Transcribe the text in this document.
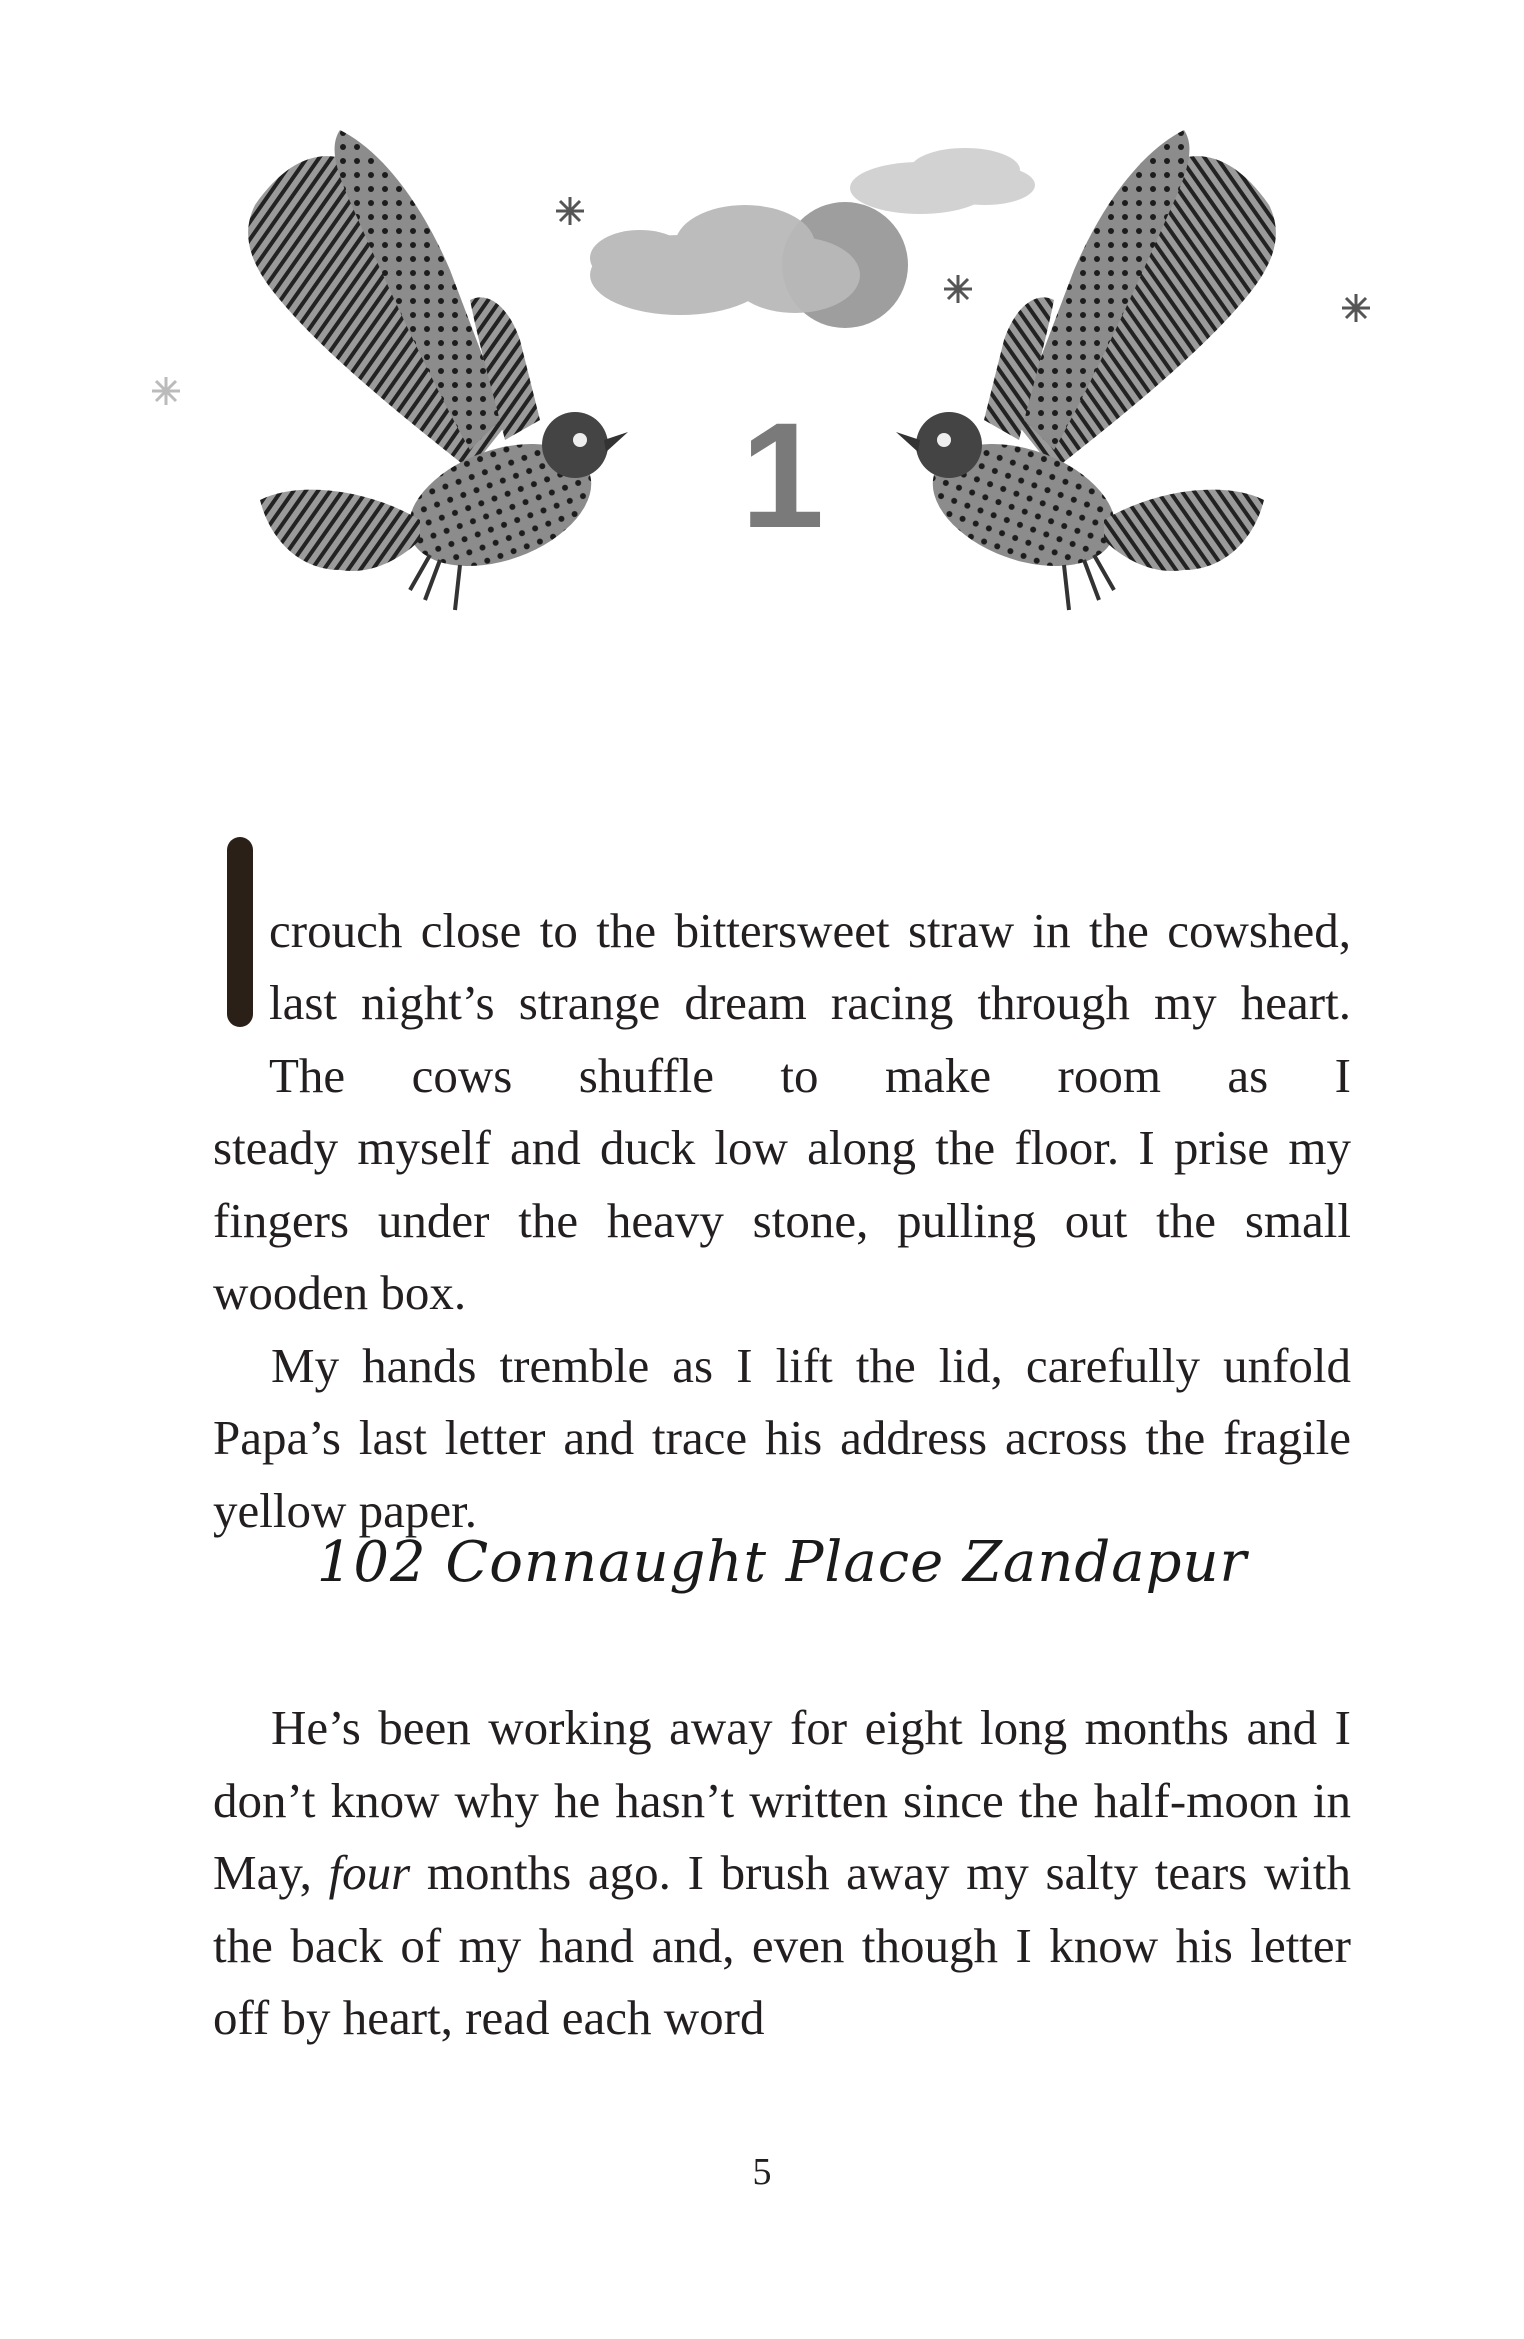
1
crouch close to the bittersweet straw in the cowshed, last night’s strange dream racing through my heart. The cows shuffle to make room as I
steady myself and duck low along the floor. I prise my fingers under the heavy stone, pulling out the small wooden box.
My hands tremble as I lift the lid, carefully unfold Papa’s last letter and trace his address across the fragile yellow paper.
102 Connaught Place Zandapur
He’s been working away for eight long months and I don’t know why he hasn’t written since the half-moon in May, four months ago. I brush away my salty tears with the back of my hand and, even though I know his letter off by heart, read each word
5
